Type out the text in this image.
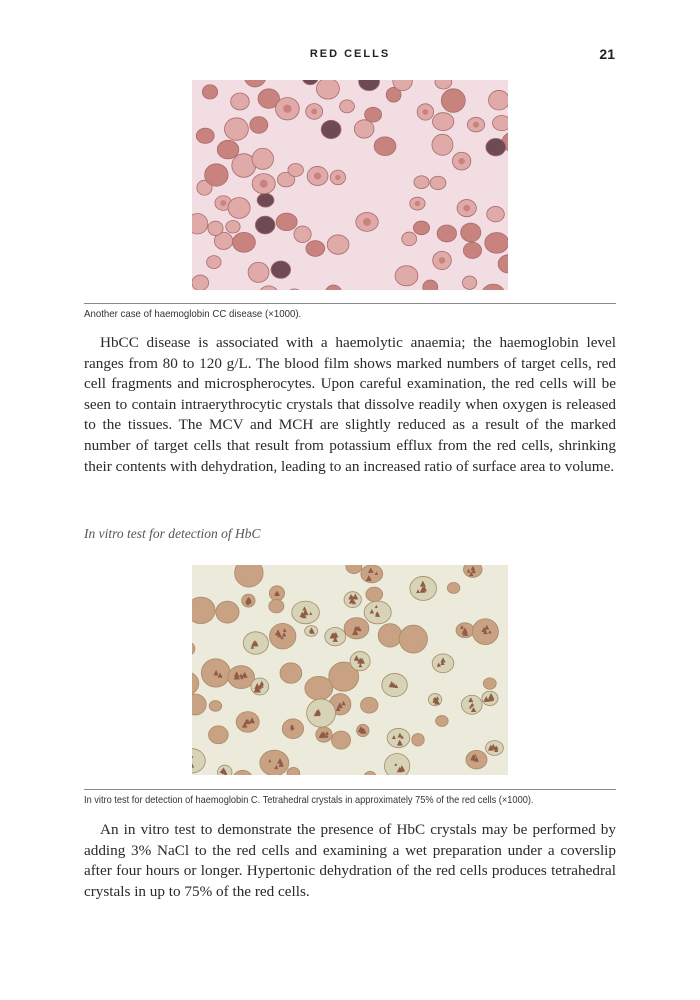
RED CELLS	21
Another case of haemoglobin CC disease (×1000).

HbCC disease is associated with a haemolytic anaemia; the haemoglobin level ranges from 80 to 120 g/L. The blood film shows marked numbers of target cells, red cell fragments and microspherocytes. Upon careful examination, the red cells will be seen to contain intraerythrocytic crystals that dissolve readily when oxygen is released to the tissues. The MCV and MCH are slightly reduced as a result of the marked number of target cells that result from potassium efflux from the red cells, shrinking their contents with dehydration, leading to an increased ratio of surface area to volume.

In vitro test for detection of HbC
In vitro test for detection of haemoglobin C. Tetrahedral crystals in approximately 75% of the red cells (×1000).

An in vitro test to demonstrate the presence of HbC crystals may be performed by adding 3% NaCl to the red cells and examining a wet preparation under a coverslip after four hours or longer. Hypertonic dehydration of the red cells produces tetrahedral crystals in up to 75% of the red cells.
